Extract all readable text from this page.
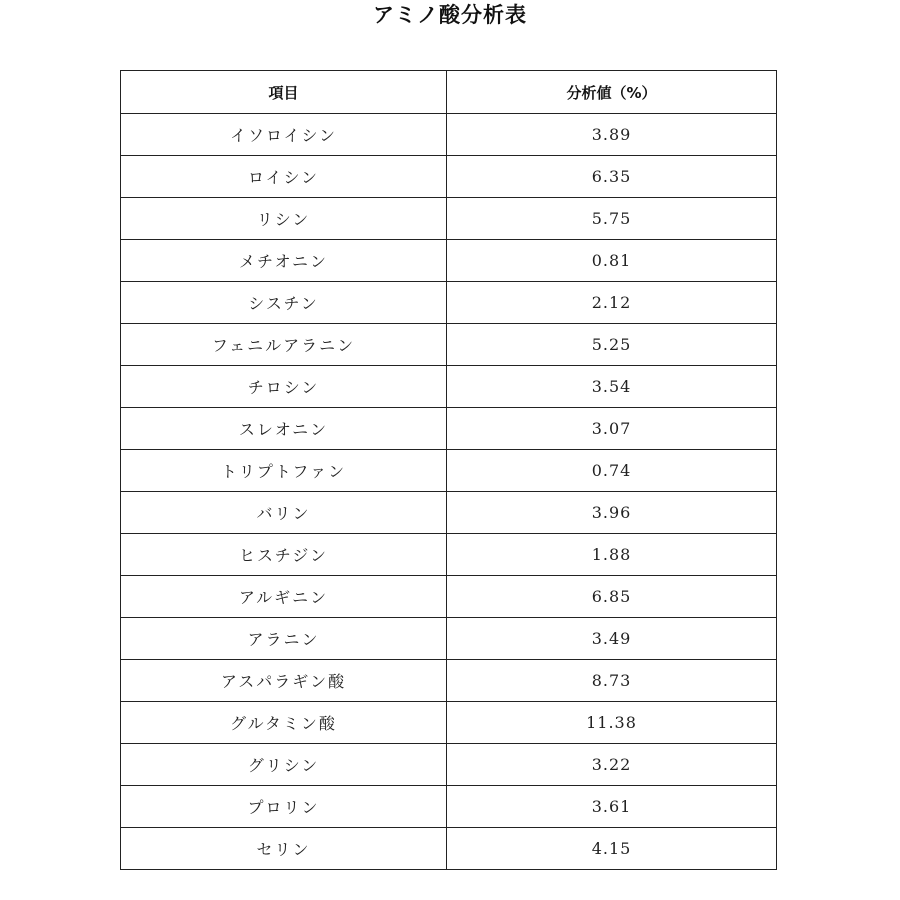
アミノ酸分析表
項目	分析値（%）
イソロイシン	3.89
ロイシン	6.35
リシン	5.75
メチオニン	0.81
シスチン	2.12
フェニルアラニン	5.25
チロシン	3.54
スレオニン	3.07
トリプトファン	0.74
バリン	3.96
ヒスチジン	1.88
アルギニン	6.85
アラニン	3.49
アスパラギン酸	8.73
グルタミン酸	11.38
グリシン	3.22
プロリン	3.61
セリン	4.15
